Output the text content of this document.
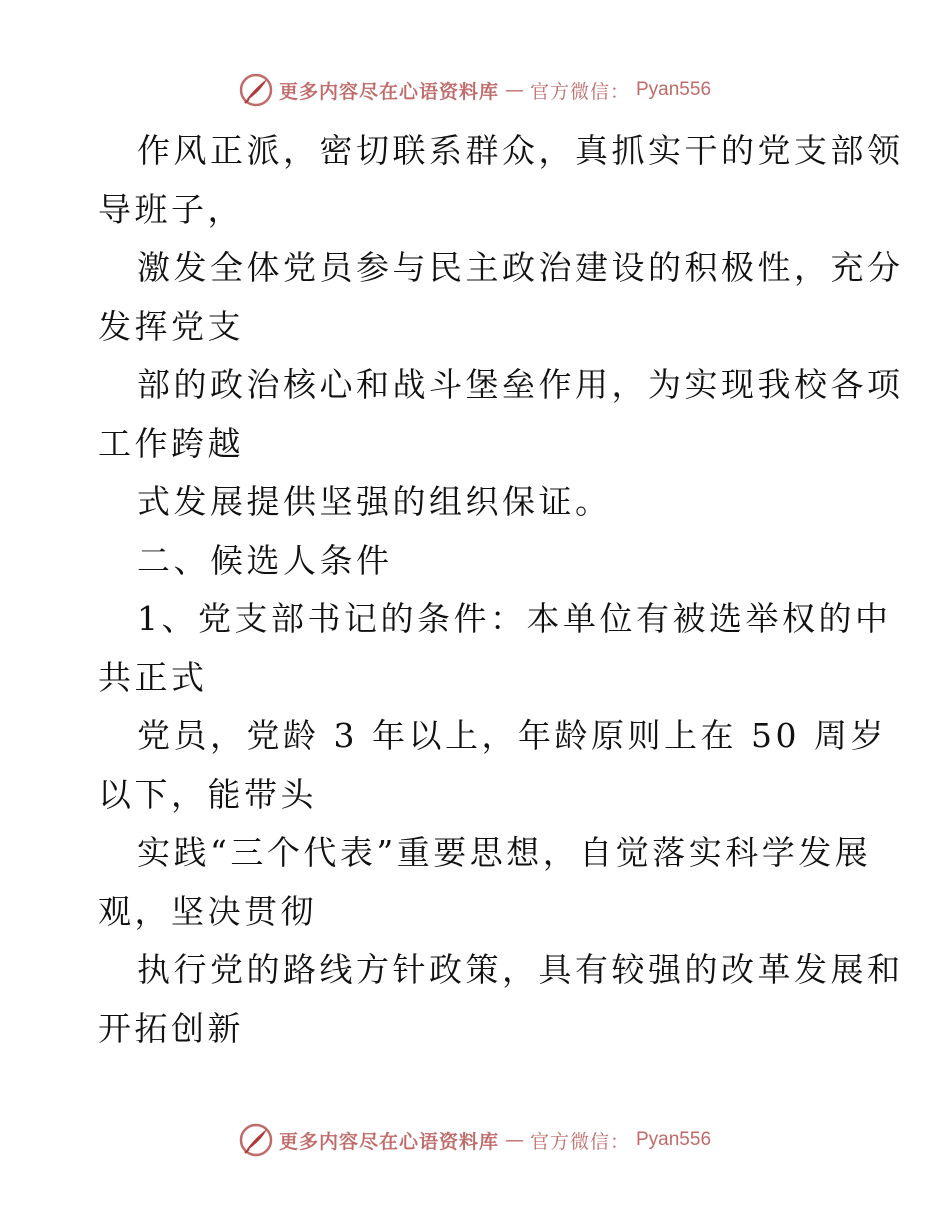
更多内容尽在心语资料库 — 官方微信： Pyan556
作风正派，密切联系群众，真抓实干的党支部领
导班子，
激发全体党员参与民主政治建设的积极性，充分
发挥党支
部的政治核心和战斗堡垒作用，为实现我校各项
工作跨越
式发展提供坚强的组织保证。
二、候选人条件
1、党支部书记的条件：本单位有被选举权的中
共正式
党员，党龄 3 年以上，年龄原则上在 50 周岁
以下，能带头
实践“三个代表”重要思想，自觉落实科学发展
观，坚决贯彻
执行党的路线方针政策，具有较强的改革发展和
开拓创新
更多内容尽在心语资料库 — 官方微信： Pyan556
